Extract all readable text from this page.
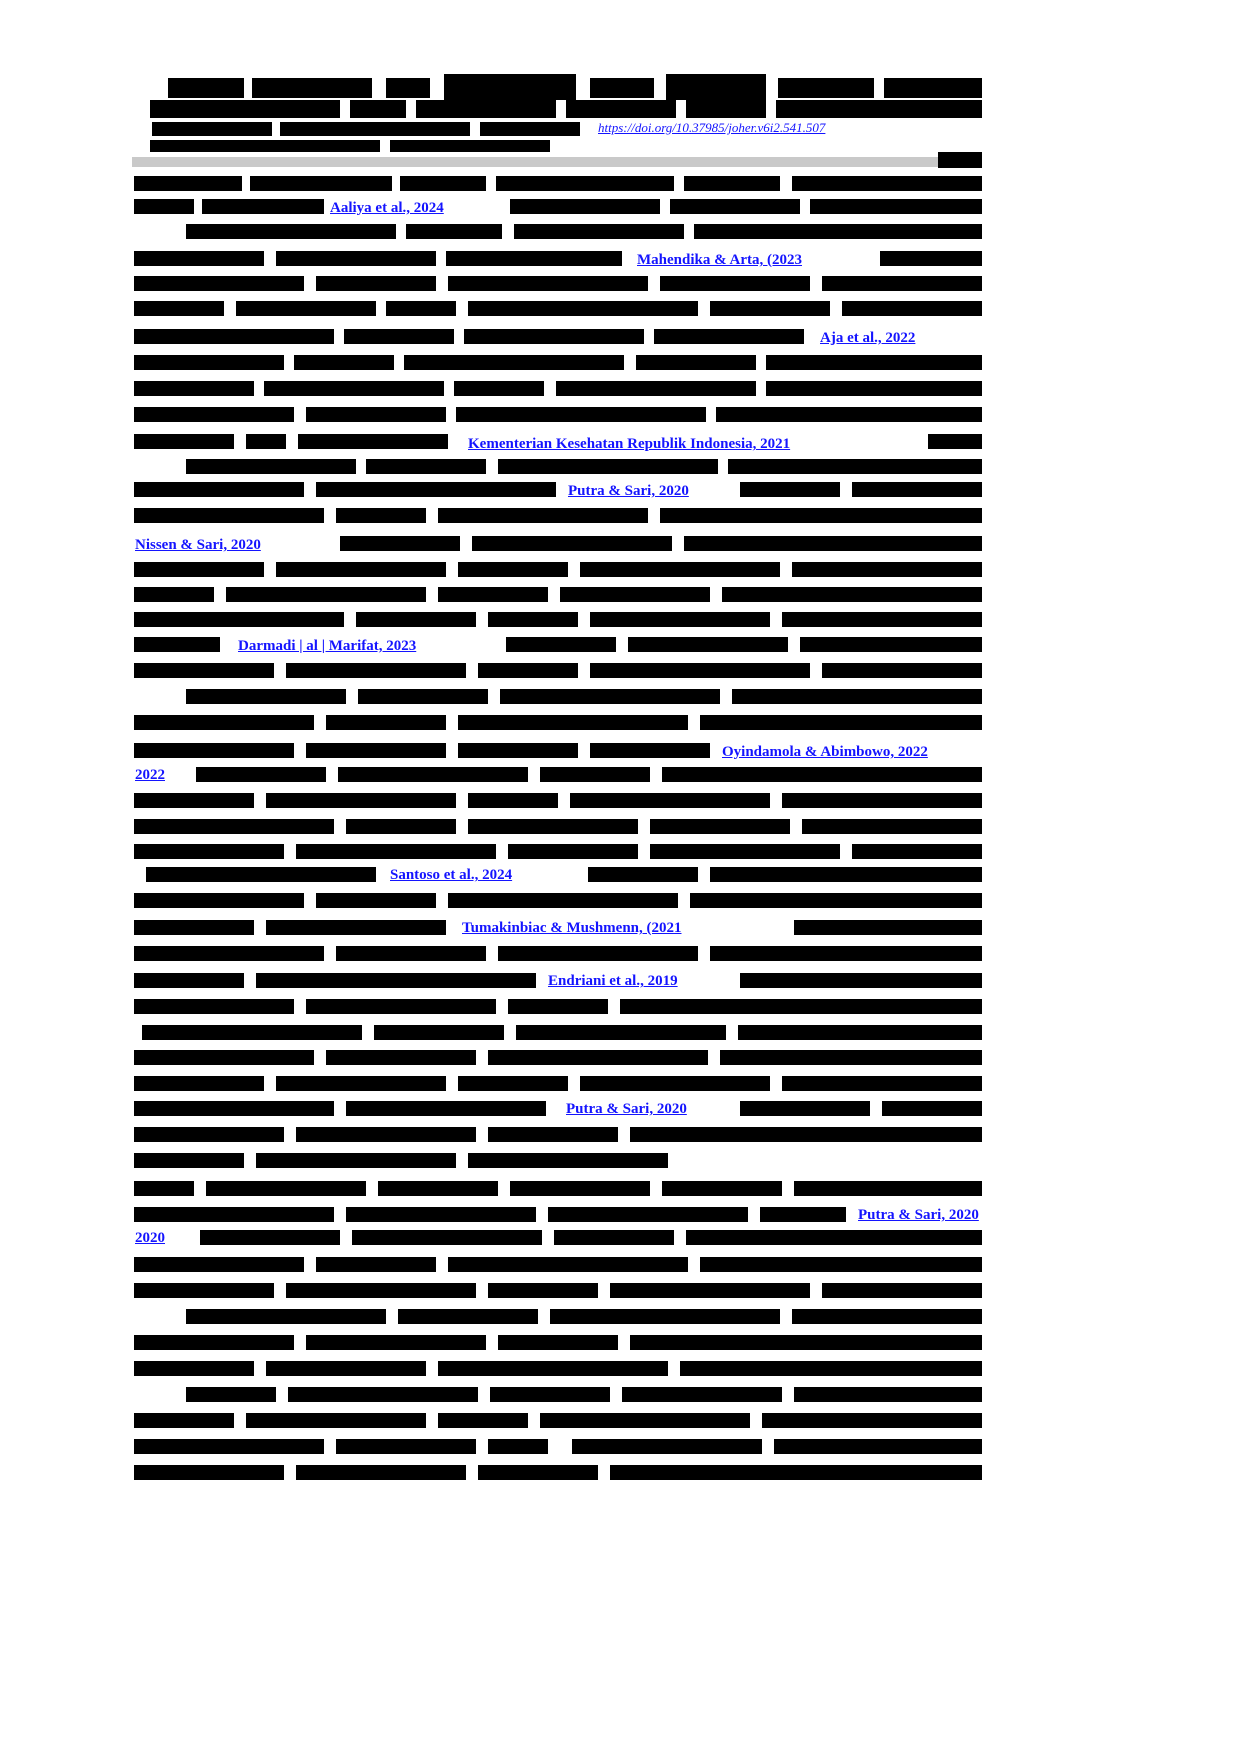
https://doi.org/10.37985/joher.v6i2.541.507
Aaliya et al., 2024
Mahendika & Arta, (2023
Aja et al., 2022
Kementerian Kesehatan Republik Indonesia, 2021
Putra & Sari, 2020
Nissen & Sari, 2020
Darmadi | al | Marifat, 2023
Oyindamola & Abimbowo, 2022
2022
Santoso et al., 2024
Tumakinbiac & Mushmenn, (2021
Endriani et al., 2019
Putra & Sari, 2020
Putra & Sari, 2020
2020
